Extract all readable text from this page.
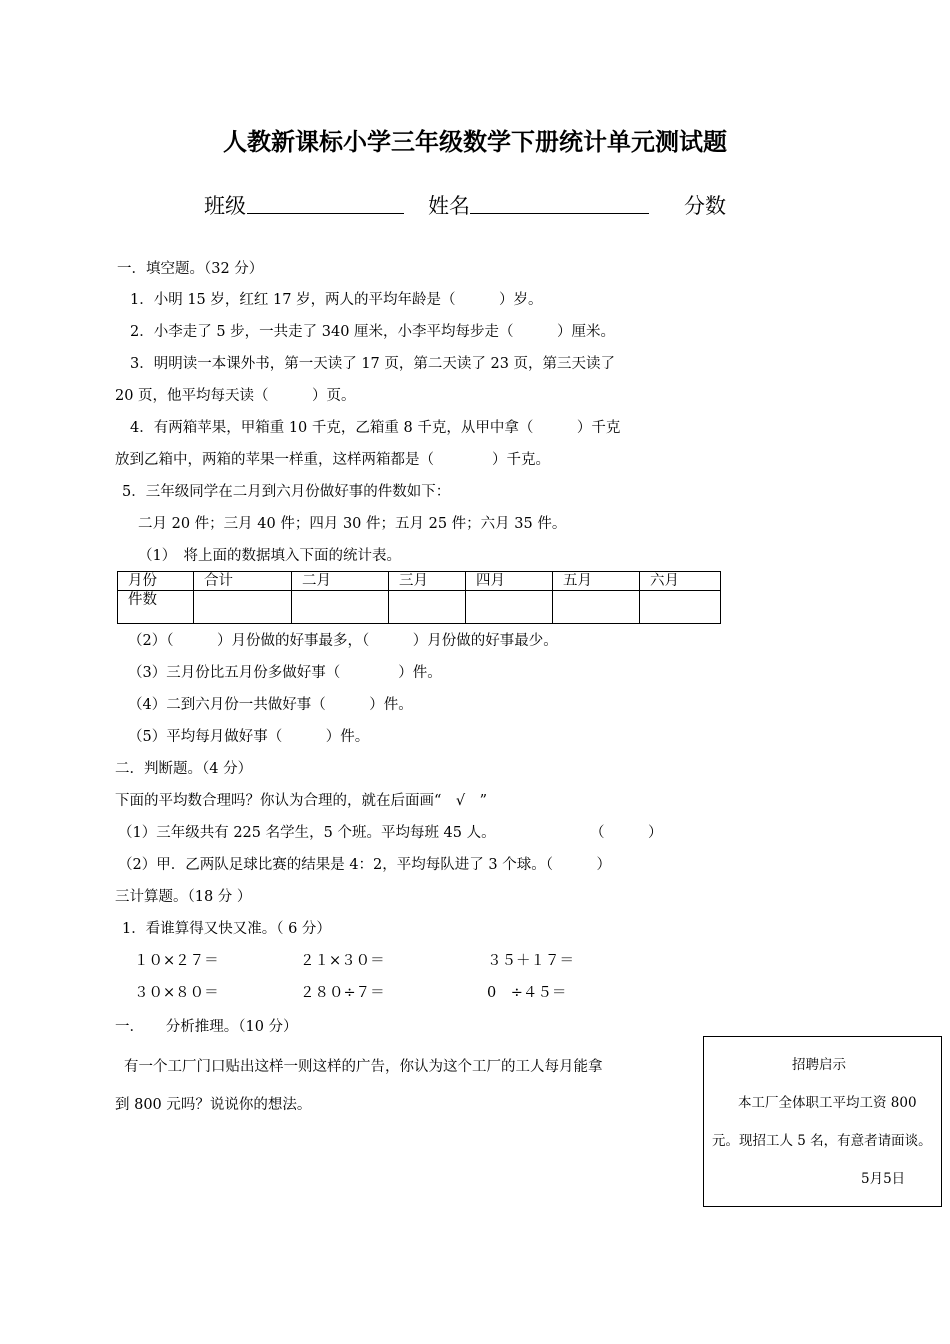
人教新课标小学三年级数学下册统计单元测试题
班级	姓名	分数
一．填空题。（32 分）
1．小明 15 岁，红红 17 岁，两人的平均年龄是（　　　）岁。
2．小李走了 5 步，一共走了 340 厘米，小李平均每步走（　　　）厘米。
3．明明读一本课外书，第一天读了 17 页，第二天读了 23 页，第三天读了
20 页，他平均每天读（　　　）页。
4．有两箱苹果，甲箱重 10 千克，乙箱重 8 千克，从甲中拿（　　　）千克
放到乙箱中，两箱的苹果一样重，这样两箱都是（　　　　）千克。
5．三年级同学在二月到六月份做好事的件数如下：
二月 20 件；三月 40 件；四月 30 件；五月 25 件；六月 35 件。
（1）　将上面的数据填入下面的统计表。
月份	合计	二月	三月	四月	五月	六月
件数						
（2）（　　　）月份做的好事最多，（　　　）月份做的好事最少。
（3）三月份比五月份多做好事（　　　　）件。
（4）二到六月份一共做好事（　　　）件。
（5）平均每月做好事（　　　）件。
二．判断题。（4 分）
下面的平均数合理吗？你认为合理的，就在后面画“　√　”
（1）三年级共有 225 名学生，5 个班。平均每班 45 人。	（　　　）
（2）甲．乙两队足球比赛的结果是 4：2，平均每队进了 3 个球。（　　　）
三计算题。（18 分 ）
1．看谁算得又快又准。（ 6 分）
１０×２７＝	２１×３０＝	３５＋１７＝
３０×８０＝	２８０÷７＝	0　÷４５＝
一．　　分析推理。（10 分）
有一个工厂门口贴出这样一则这样的广告，你认为这个工厂的工人每月能拿
到 800 元吗？说说你的想法。
招聘启示
本工厂全体职工平均工资 800
元。现招工人 5 名，有意者请面谈。
5月5日
